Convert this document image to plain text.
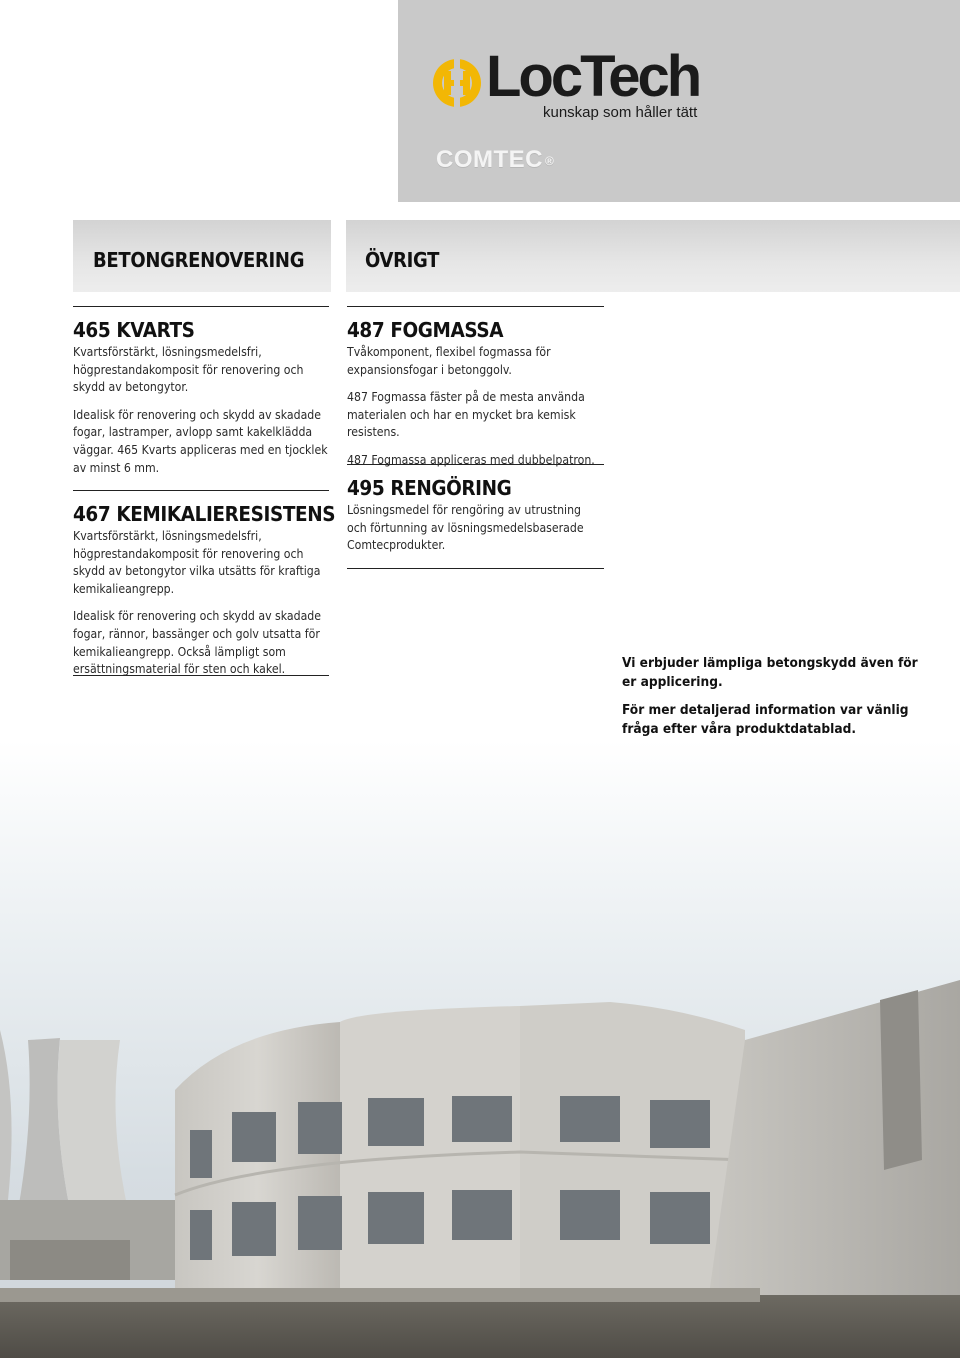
LocTech
kunskap som håller tätt
COMTEC ®
BETONGRENOVERING	ÖVRIGT
465 KVARTS

Kvartsförstärkt, lösningsmedelsfri, högprestandakomposit för renovering och skydd av betongytor.

Idealisk för renovering och skydd av skadade fogar, lastramper, avlopp samt kakelklädda väggar. 465 Kvarts appliceras med en tjocklek av minst 6 mm.

467 KEMIKALIERESISTENS

Kvartsförstärkt, lösningsmedelsfri, högprestandakomposit för renovering och skydd av betongytor vilka utsätts för kraftiga kemikalieangrepp.

Idealisk för renovering och skydd av skadade fogar, rännor, bassänger och golv utsatta för kemikalieangrepp. Också lämpligt som ersättningsmaterial för sten och kakel.

487 FOGMASSA

Tvåkomponent, flexibel fogmassa för expansionsfogar i betonggolv.

487 Fogmassa fäster på de mesta använda materialen och har en mycket bra kemisk resistens.

487 Fogmassa appliceras med dubbelpatron.

495 RENGÖRING

Lösningsmedel för rengöring av utrustning och förtunning av lösningsmedelsbaserade Comtecprodukter.

Vi erbjuder lämpliga betongskydd även för er applicering.

För mer detaljerad information var vänlig fråga efter våra produktdatablad.
